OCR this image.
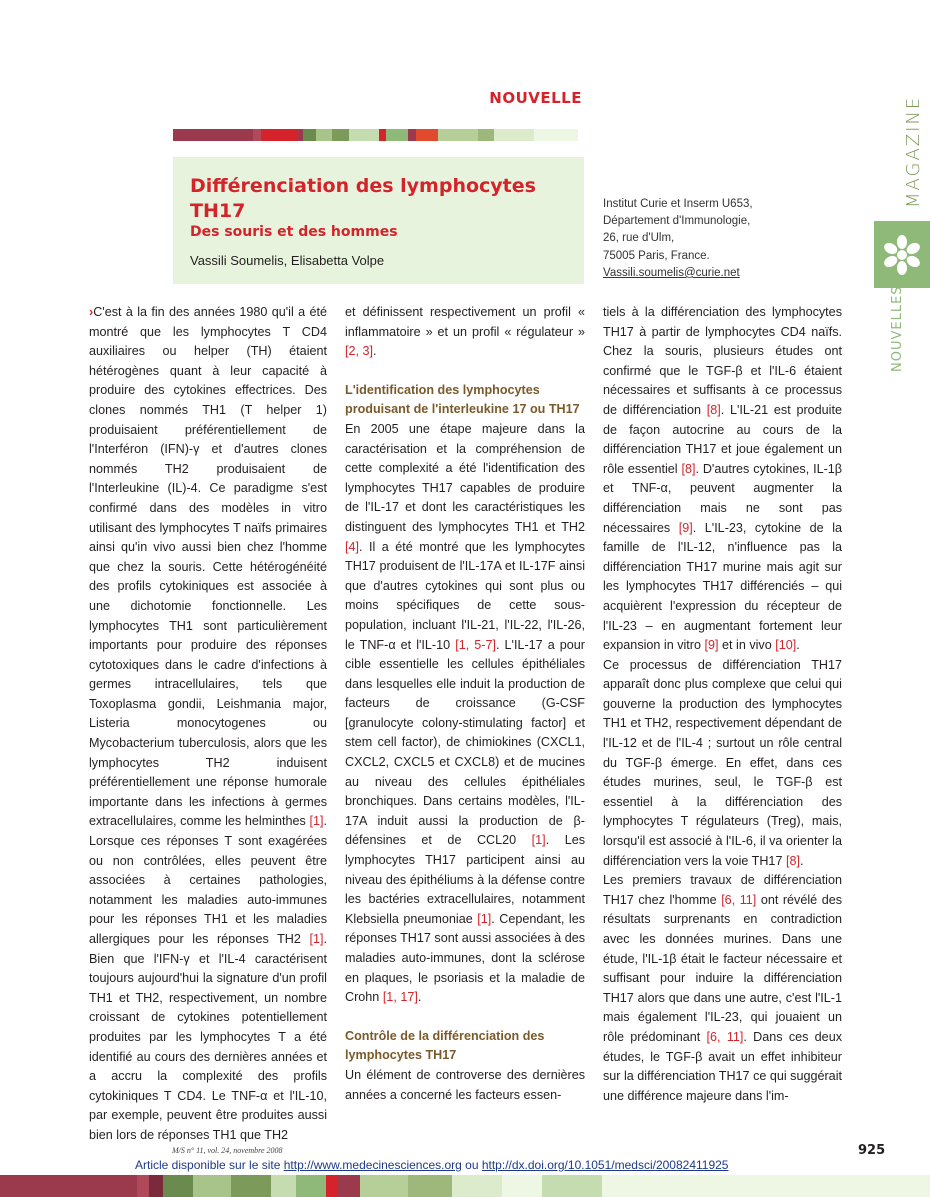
NOUVELLE
Différenciation des lymphocytes TH17
Des souris et des hommes
Vassili Soumelis, Elisabetta Volpe
Institut Curie et Inserm U653,
Département d'Immunologie,
26, rue d'Ulm,
75005 Paris, France.
Vassili.soumelis@curie.net
MAGAZINE
NOUVELLES

›C'est à la fin des années 1980 qu'il a été montré que les lymphocytes T CD4 auxiliaires ou helper (TH) étaient hétérogènes quant à leur capacité à produire des cytokines effectrices. Des clones nommés TH1 (T helper 1) produisaient préférentiellement de l'Interféron (IFN)-γ et d'autres clones nommés TH2 produisaient de l'Interleukine (IL)-4. Ce paradigme s'est confirmé dans des modèles in vitro utilisant des lymphocytes T naïfs primaires ainsi qu'in vivo aussi bien chez l'homme que chez la souris. Cette hétérogénéité des profils cytokiniques est associée à une dichotomie fonctionnelle. Les lymphocytes TH1 sont particulièrement importants pour produire des réponses cytotoxiques dans le cadre d'infections à germes intracellulaires, tels que Toxoplasma gondii, Leishmania major, Listeria monocytogenes ou Mycobacterium tuberculosis, alors que les lymphocytes TH2 induisent préférentiellement une réponse humorale importante dans les infections à germes extracellulaires, comme les helminthes [1]. Lorsque ces réponses T sont exagérées ou non contrôlées, elles peuvent être associées à certaines pathologies, notamment les maladies auto-immunes pour les réponses TH1 et les maladies allergiques pour les réponses TH2 [1]. Bien que l'IFN-γ et l'IL-4 caractérisent toujours aujourd'hui la signature d'un profil TH1 et TH2, respectivement, un nombre croissant de cytokines potentiellement produites par les lymphocytes T a été identifié au cours des dernières années et a accru la complexité des profils cytokiniques T CD4. Le TNF-α et l'IL-10, par exemple, peuvent être produites aussi bien lors de réponses TH1 que TH2

et définissent respectivement un profil « inflammatoire » et un profil « régulateur » [2, 3].

L'identification des lymphocytes produisant de l'interleukine 17 ou TH17

En 2005 une étape majeure dans la caractérisation et la compréhension de cette complexité a été l'identification des lymphocytes TH17 capables de produire de l'IL-17 et dont les caractéristiques les distinguent des lymphocytes TH1 et TH2 [4]. Il a été montré que les lymphocytes TH17 produisent de l'IL-17A et IL-17F ainsi que d'autres cytokines qui sont plus ou moins spécifiques de cette sous-population, incluant l'IL-21, l'IL-22, l'IL-26, le TNF-α et l'IL-10 [1, 5-7]. L'IL-17 a pour cible essentielle les cellules épithéliales dans lesquelles elle induit la production de facteurs de croissance (G-CSF [granulocyte colony-stimulating factor] et stem cell factor), de chimiokines (CXCL1, CXCL2, CXCL5 et CXCL8) et de mucines au niveau des cellules épithéliales bronchiques. Dans certains modèles, l'IL-17A induit aussi la production de β-défensines et de CCL20 [1]. Les lymphocytes TH17 participent ainsi au niveau des épithéliums à la défense contre les bactéries extracellulaires, notamment Klebsiella pneumoniae [1]. Cependant, les réponses TH17 sont aussi associées à des maladies auto-immunes, dont la sclérose en plaques, le psoriasis et la maladie de Crohn [1, 17].

Contrôle de la différenciation des lymphocytes TH17

Un élément de controverse des dernières années a concerné les facteurs essen-

tiels à la différenciation des lymphocytes TH17 à partir de lymphocytes CD4 naïfs. Chez la souris, plusieurs études ont confirmé que le TGF-β et l'IL-6 étaient nécessaires et suffisants à ce processus de différenciation [8]. L'IL-21 est produite de façon autocrine au cours de la différenciation TH17 et joue également un rôle essentiel [8]. D'autres cytokines, IL-1β et TNF-α, peuvent augmenter la différenciation mais ne sont pas nécessaires [9]. L'IL-23, cytokine de la famille de l'IL-12, n'influence pas la différenciation TH17 murine mais agit sur les lymphocytes TH17 différenciés – qui acquièrent l'expression du récepteur de l'IL-23 – en augmentant fortement leur expansion in vitro [9] et in vivo [10].

Ce processus de différenciation TH17 apparaît donc plus complexe que celui qui gouverne la production des lymphocytes TH1 et TH2, respectivement dépendant de l'IL-12 et de l'IL-4 ; surtout un rôle central du TGF-β émerge. En effet, dans ces études murines, seul, le TGF-β est essentiel à la différenciation des lymphocytes T régulateurs (Treg), mais, lorsqu'il est associé à l'IL-6, il va orienter la différenciation vers la voie TH17 [8].

Les premiers travaux de différenciation TH17 chez l'homme [6, 11] ont révélé des résultats surprenants en contradiction avec les données murines. Dans une étude, l'IL-1β était le facteur nécessaire et suffisant pour induire la différenciation TH17 alors que dans une autre, c'est l'IL-1 mais également l'IL-23, qui jouaient un rôle prédominant [6, 11]. Dans ces deux études, le TGF-β avait un effet inhibiteur sur la différenciation TH17 ce qui suggérait une différence majeure dans l'im-

M/S n° 11, vol. 24, novembre 2008	925
Article disponible sur le site http://www.medecinesciences.org ou http://dx.doi.org/10.1051/medsci/20082411925
